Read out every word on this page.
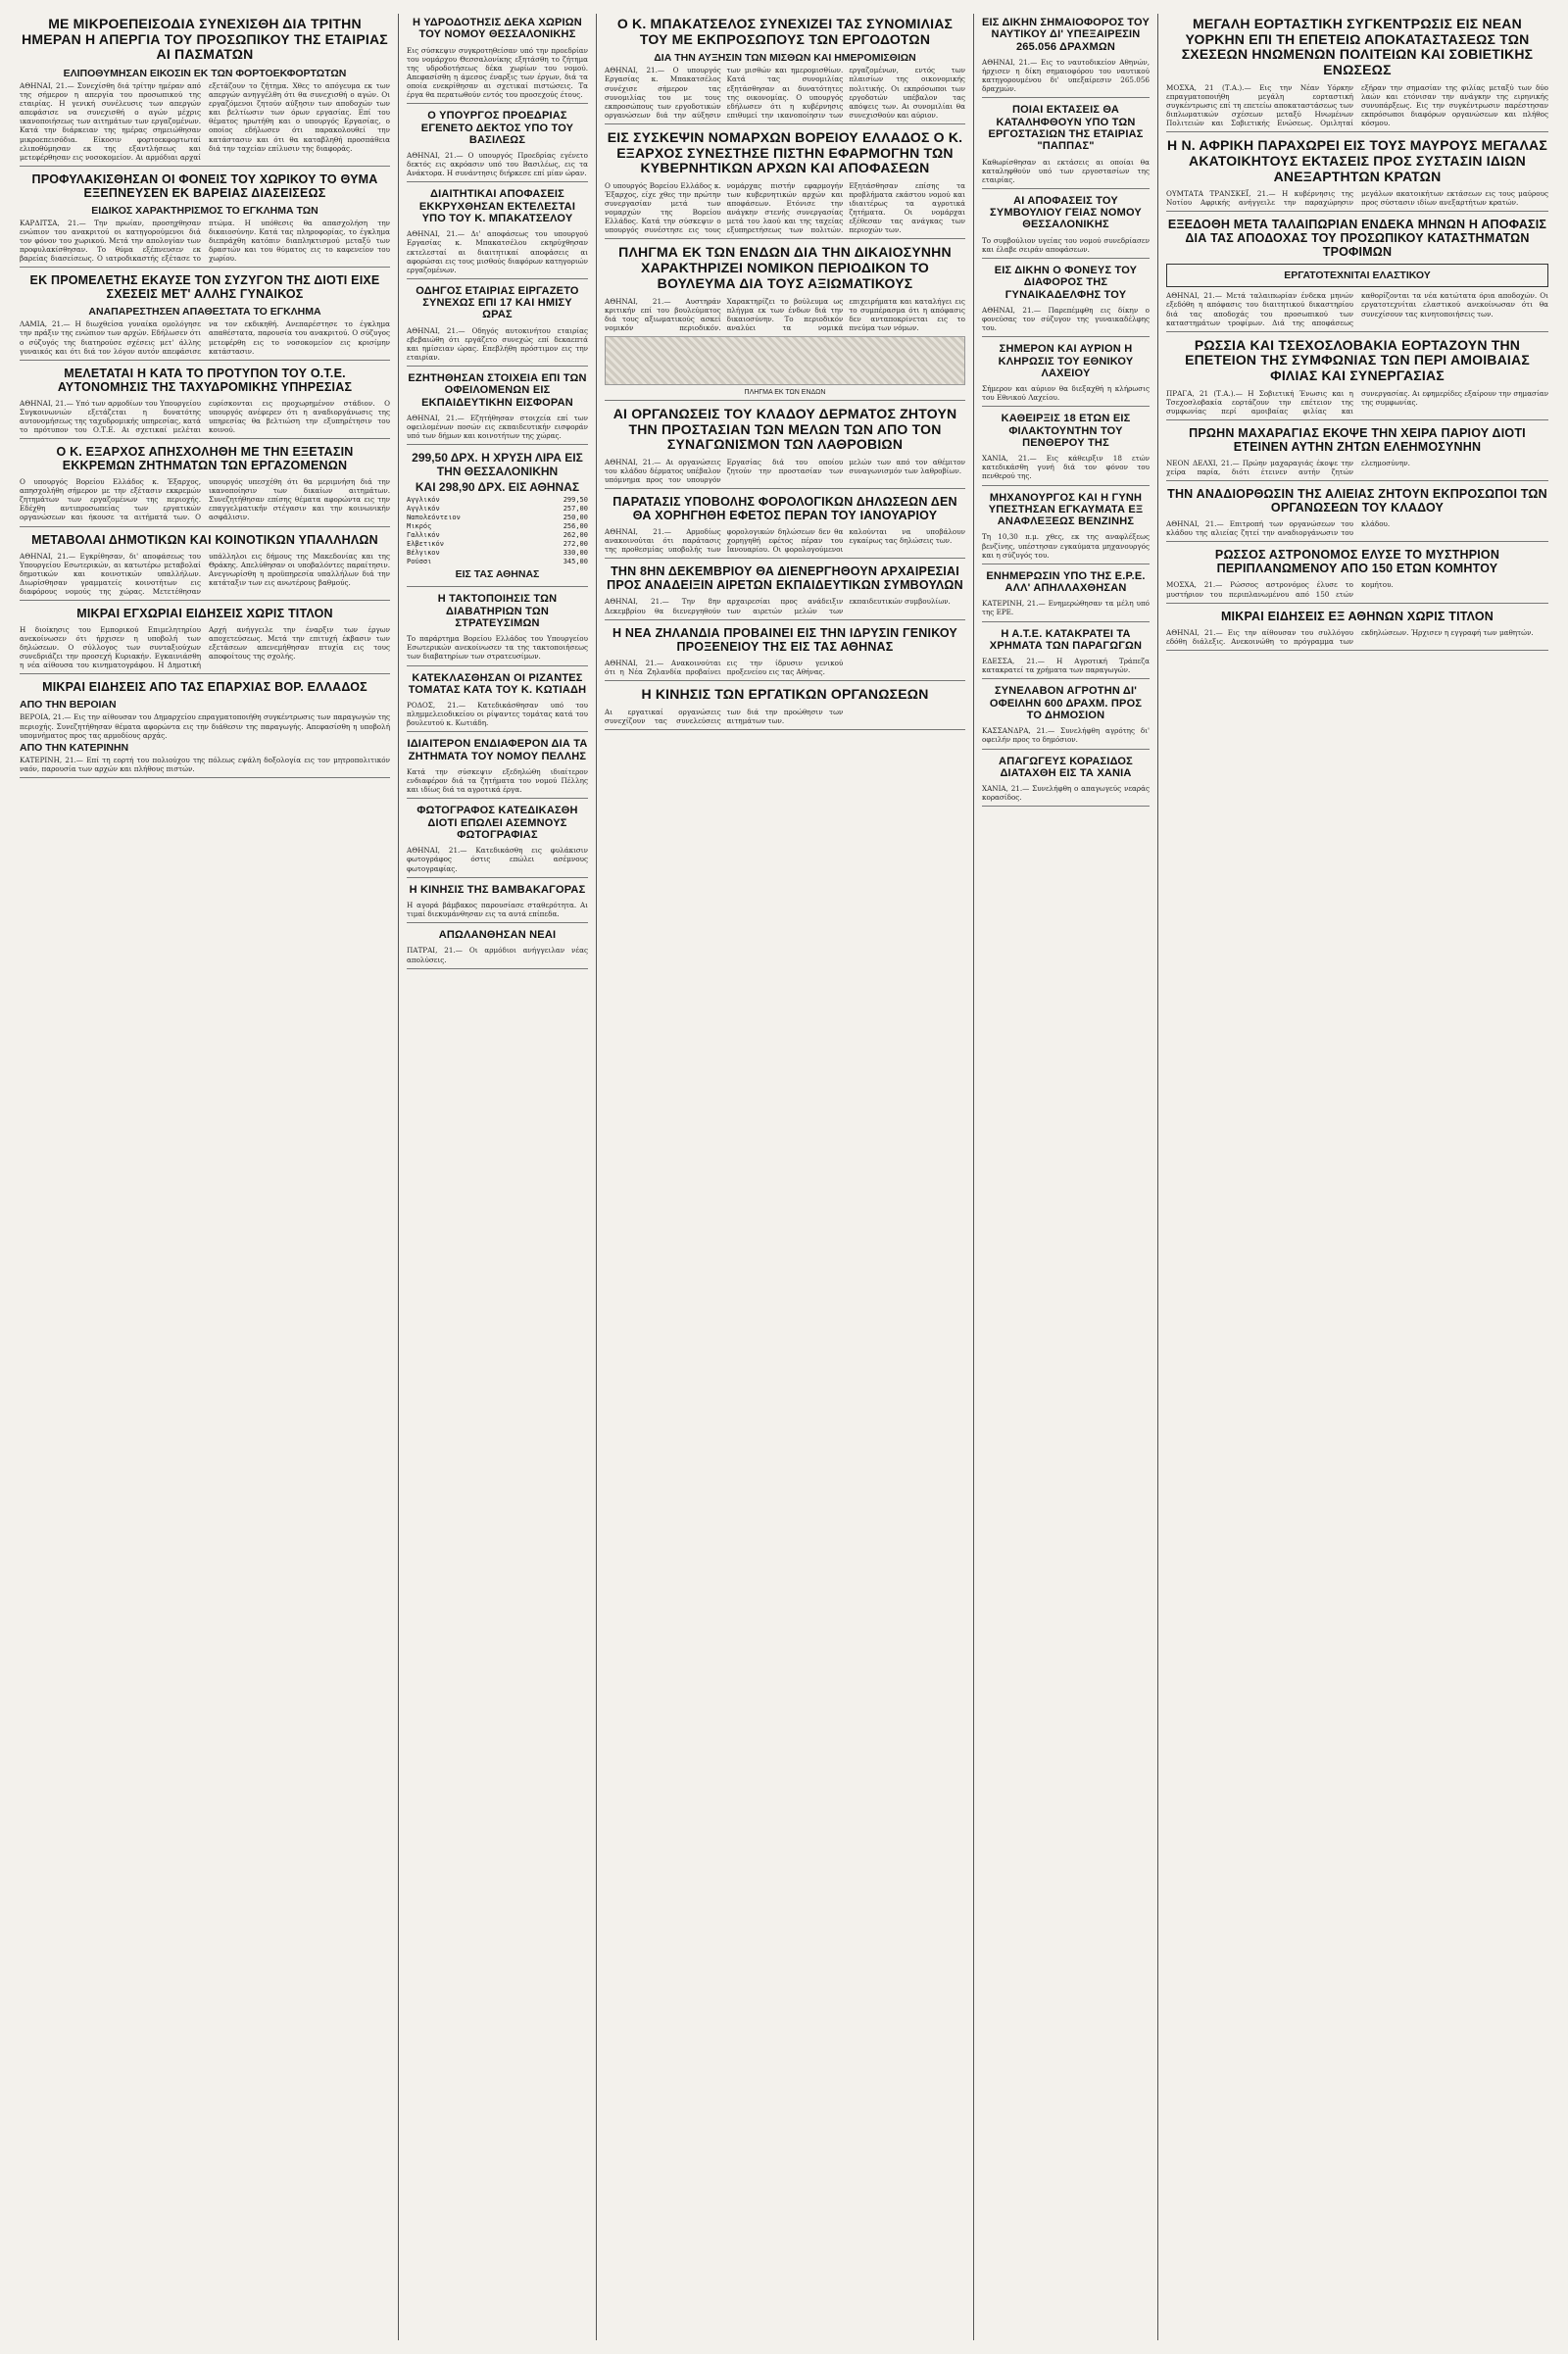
ΜΕ ΜΙΚΡΟΕΠΕΙΣΟΔΙΑ ΣΥΝΕΧΙΣΘΗ ΔΙΑ ΤΡΙΤΗΝ ΗΜΕΡΑΝ Η ΑΠΕΡΓΙΑ ΤΟΥ ΠΡΟΣΩΠΙΚΟΥ ΤΗΣ ΕΤΑΙΡΙΑΣ ΑΙ ΠΑΣΜΑΤΩΝ
ΕΛΙΠΟΘΥΜΗΣΑΝ ΕΙΚΟΣΙΝ ΕΚ ΤΩΝ ΦΟΡΤΟΕΚΦΟΡΤΩΤΩΝ
ΑΘΗΝΑΙ, 21.— Συνεχίσθη διά τρίτην ημέραν από της σήμερον η απεργία του προσωπικού της εταιρίας. Η γενική συνέλευσις των απεργών απεφάσισε να συνεχισθή ο αγών μέχρις ικανοποιήσεως των αιτημάτων των εργαζομένων. Κατά την διάρκειαν της ημέρας σημειώθησαν μικροεπεισόδια. Είκοσιν φορτοεκφορτωταί ελιποθύμησαν εκ της εξαντλήσεως και μετεφέρθησαν εις νοσοκομείον. Αι αρμόδιαι αρχαί εξετάζουν το ζήτημα. Χθες το απόγευμα εκ των απεργών ανηγγέλθη ότι θα συνεχισθή ο αγών. Οι εργαζόμενοι ζητούν αύξησιν των αποδοχών των και βελτίωσιν των όρων εργασίας. Επί του θέματος ηρωτήθη και ο υπουργός Εργασίας, ο οποίος εδήλωσεν ότι παρακολουθεί την κατάστασιν και ότι θα καταβληθή προσπάθεια διά την ταχείαν επίλυσιν της διαφοράς.
ΠΡΟΦΥΛΑΚΙΣΘΗΣΑΝ ΟΙ ΦΟΝΕΙΣ ΤΟΥ ΧΩΡΙΚΟΥ ΤΟ ΘΥΜΑ ΕΞΕΠΝΕΥΣΕΝ ΕΚ ΒΑΡΕΙΑΣ ΔΙΑΣΕΙΣΕΩΣ
ΕΙΔΙΚΟΣ ΧΑΡΑΚΤΗΡΙΣΜΟΣ ΤΟ ΕΓΚΛΗΜΑ ΤΩΝ
ΚΑΡΔΙΤΣΑ, 21.— Την πρωίαν, προσηχθησαν ενώπιον του ανακριτού οι κατηγορούμενοι διά τον φόνον του χωρικού. Μετά την απολογίαν των προφυλακίσθησαν. Το θύμα εξέπνευσεν εκ βαρείας διασείσεως. Ο ιατροδικαστής εξέτασε το πτώμα. Η υπόθεσις θα απασχολήση την δικαιοσύνην. Κατά τας πληροφορίας, το έγκλημα διεπράχθη κατόπιν διαπληκτισμού μεταξύ των δραστών και του θύματος εις το καφενείον του χωρίου.
ΕΚ ΠΡΟΜΕΛΕΤΗΣ ΕΚΑΥΣΕ ΤΟΝ ΣΥΖΥΓΟΝ ΤΗΣ ΔΙΟΤΙ ΕΙΧΕ ΣΧΕΣΕΙΣ ΜΕΤ' ΑΛΛΗΣ ΓΥΝΑΙΚΟΣ
ΑΝΑΠΑΡΕΣΤΗΣΕΝ ΑΠΑΘΕΣΤΑΤΑ ΤΟ ΕΓΚΛΗΜΑ
ΛΑΜΙΑ, 21.— Η διωχθείσα γυναίκα ομολόγησε την πράξιν της ενώπιον των αρχών. Εδήλωσεν ότι ο σύζυγός της διατηρούσε σχέσεις μετ' άλλης γυναικός και ότι διά τον λόγον αυτόν απεφάσισε να τον εκδικηθή. Ανεπαρέστησε το έγκλημα απαθέστατα, παρουσία του ανακριτού. Ο σύζυγος μετεφέρθη εις το νοσοκομείον εις κρισίμην κατάστασιν.
ΜΕΛΕΤΑΤΑΙ Η ΚΑΤΑ ΤΟ ΠΡΟΤΥΠΟΝ ΤΟΥ Ο.Τ.Ε. ΑΥΤΟΝΟΜΗΣΙΣ ΤΗΣ ΤΑΧΥΔΡΟΜΙΚΗΣ ΥΠΗΡΕΣΙΑΣ
ΑΘΗΝΑΙ, 21.— Υπό των αρμοδίων του Υπουργείου Συγκοινωνιών εξετάζεται η δυνατότης αυτονομήσεως της ταχυδρομικής υπηρεσίας, κατά το πρότυπον του Ο.Τ.Ε. Αι σχετικαί μελέται ευρίσκονται εις προχωρημένον στάδιον. Ο υπουργός ανέφερεν ότι η αναδιοργάνωσις της υπηρεσίας θα βελτιώση την εξυπηρέτησιν του κοινού.
Ο Κ. ΕΞΑΡΧΟΣ ΑΠΗΣΧΟΛΗΘΗ ΜΕ ΤΗΝ ΕΞΕΤΑΣΙΝ ΕΚΚΡΕΜΩΝ ΖΗΤΗΜΑΤΩΝ ΤΩΝ ΕΡΓΑΖΟΜΕΝΩΝ
Ο υπουργός Βορείου Ελλάδος κ. Έξαρχος, απησχολήθη σήμερον με την εξέτασιν εκκρεμών ζητημάτων των εργαζομένων της περιοχής. Εδέχθη αντιπροσωπείας των εργατικών οργανώσεων και ήκουσε τα αιτήματά των. Ο υπουργός υπεσχέθη ότι θα μεριμνήση διά την ικανοποίησιν των δικαίων αιτημάτων. Συνεζητήθησαν επίσης θέματα αφορώντα εις την επαγγελματικήν στέγασιν και την κοινωνικήν ασφάλισιν.
ΜΕΤΑΒΟΛΑΙ ΔΗΜΟΤΙΚΩΝ ΚΑΙ ΚΟΙΝΟΤΙΚΩΝ ΥΠΑΛΛΗΛΩΝ
ΑΘΗΝΑΙ, 21.— Εγκρίθησαν, δι' αποφάσεως του Υπουργείου Εσωτερικών, αι κατωτέρω μεταβολαί δημοτικών και κοινοτικών υπαλλήλων. Διωρίσθησαν γραμματείς κοινοτήτων εις διαφόρους νομούς της χώρας. Μετετέθησαν υπάλληλοι εις δήμους της Μακεδονίας και της Θράκης. Απελύθησαν οι υποβαλόντες παραίτησιν. Ανεγνωρίσθη η προϋπηρεσία υπαλλήλων διά την κατάταξιν των εις ανωτέρους βαθμούς.
ΜΙΚΡΑΙ ΕΓΧΩΡΙΑΙ ΕΙΔΗΣΕΙΣ ΧΩΡΙΣ ΤΙΤΛΟΝ
Η διοίκησις του Εμπορικού Επιμελητηρίου ανεκοίνωσεν ότι ήρχισεν η υποβολή των δηλώσεων. Ο σύλλογος των συνταξιούχων συνεδριάζει την προσεχή Κυριακήν. Εγκαινιάσθη η νέα αίθουσα του κινηματογράφου. Η Δημοτική Αρχή ανήγγειλε την έναρξιν των έργων αποχετεύσεως. Μετά την επιτυχή έκβασιν των εξετάσεων απενεμήθησαν πτυχία εις τους αποφοίτους της σχολής.
ΜΙΚΡΑΙ ΕΙΔΗΣΕΙΣ ΑΠΟ ΤΑΣ ΕΠΑΡΧΙΑΣ ΒΟΡ. ΕΛΛΑΔΟΣ
ΑΠΟ ΤΗΝ ΒΕΡΟΙΑΝ
ΒΕΡΟΙΑ, 21.— Εις την αίθουσαν του Δημαρχείου επραγματοποιήθη συγκέντρωσις των παραγωγών της περιοχής. Συνεζητήθησαν θέματα αφορώντα εις την διάθεσιν της παραγωγής. Απεφασίσθη η υποβολή υπομνήματος προς τας αρμοδίους αρχάς.
ΑΠΟ ΤΗΝ ΚΑΤΕΡΙΝΗΝ
ΚΑΤΕΡΙΝΗ, 21.— Επί τη εορτή του πολιούχου της πόλεως εψάλη δοξολογία εις τον μητροπολιτικόν ναόν, παρουσία των αρχών και πλήθους πιστών.
Η ΥΔΡΟΔΟΤΗΣΙΣ ΔΕΚΑ ΧΩΡΙΩΝ ΤΟΥ ΝΟΜΟΥ ΘΕΣΣΑΛΟΝΙΚΗΣ
Εις σύσκεψιν συγκροτηθείσαν υπό την προεδρίαν του νομάρχου Θεσσαλονίκης εξητάσθη το ζήτημα της υδροδοτήσεως δέκα χωρίων του νομού. Απεφασίσθη η άμεσος έναρξις των έργων, διά τα οποία ενεκρίθησαν αι σχετικαί πιστώσεις. Τα έργα θα περατωθούν εντός του προσεχούς έτους.
Ο ΥΠΟΥΡΓΟΣ ΠΡΟΕΔΡΙΑΣ ΕΓΕΝΕΤΟ ΔΕΚΤΟΣ ΥΠΟ ΤΟΥ ΒΑΣΙΛΕΩΣ
ΑΘΗΝΑΙ, 21.— Ο υπουργός Προεδρίας εγένετο δεκτός εις ακρόασιν υπό του Βασιλέως, εις τα Ανάκτορα. Η συνάντησις διήρκεσε επί μίαν ώραν.
ΔΙΑΙΤΗΤΙΚΑΙ ΑΠΟΦΑΣΕΙΣ ΕΚΚΡΥΧΘΗΣΑΝ ΕΚΤΕΛΕΣΤΑΙ ΥΠΟ ΤΟΥ Κ. ΜΠΑΚΑΤΣΕΛΟΥ
ΑΘΗΝΑΙ, 21.— Δι' αποφάσεως του υπουργού Εργασίας κ. Μπακατσέλου εκηρύχθησαν εκτελεσταί αι διαιτητικαί αποφάσεις αι αφορώσαι εις τους μισθούς διαφόρων κατηγοριών εργαζομένων.
ΟΔΗΓΟΣ ΕΤΑΙΡΙΑΣ ΕΙΡΓΑΖΕΤΟ ΣΥΝΕΧΩΣ ΕΠΙ 17 ΚΑΙ ΗΜΙΣΥ ΩΡΑΣ
ΑΘΗΝΑΙ, 21.— Οδηγός αυτοκινήτου εταιρίας εβεβαιώθη ότι εργάζετο συνεχώς επί δεκαεπτά και ημίσειαν ώρας. Επεβλήθη πρόστιμον εις την εταιρίαν.
ΕΖΗΤΗΘΗΣΑΝ ΣΤΟΙΧΕΙΑ ΕΠΙ ΤΩΝ ΟΦΕΙΛΟΜΕΝΩΝ ΕΙΣ ΕΚΠΑΙΔΕΥΤΙΚΗΝ ΕΙΣΦΟΡΑΝ
ΑΘΗΝΑΙ, 21.— Εζητήθησαν στοιχεία επί των οφειλομένων ποσών εις εκπαιδευτικήν εισφοράν υπό των δήμων και κοινοτήτων της χώρας.
299,50 ΔΡΧ. Η ΧΡΥΣΗ ΛΙΡΑ ΕΙΣ ΤΗΝ ΘΕΣΣΑΛΟΝΙΚΗΝ
ΚΑΙ 298,90 ΔΡΧ. ΕΙΣ ΑΘΗΝΑΣ
Αγγλικόν	299,50
Αγγλικόν	257,00
Ναπολεόντειον	250,00
Μικρός	256,00
Γαλλικόν	262,00
Ελβετικόν	272,00
Βέλγικον	330,00
Ρούσσι	345,00
ΕΙΣ ΤΑΣ ΑΘΗΝΑΣ
Η ΤΑΚΤΟΠΟΙΗΣΙΣ ΤΩΝ ΔΙΑΒΑΤΗΡΙΩΝ ΤΩΝ ΣΤΡΑΤΕΥΣΙΜΩΝ
Το παράρτημα Βορείου Ελλάδος του Υπουργείου Εσωτερικών ανεκοίνωσεν τα της τακτοποιήσεως των διαβατηρίων των στρατευσίμων.
ΚΑΤΕΚΛΑΣΘΗΣΑΝ ΟΙ ΡΙΖΑΝΤΕΣ ΤΟΜΑΤΑΣ ΚΑΤΑ ΤΟΥ Κ. ΚΩΤΙΑΔΗ
ΡΟΔΟΣ, 21.— Κατεδικάσθησαν υπό του πλημμελειοδικείου οι ρίψαντες τομάτας κατά του βουλευτού κ. Κωτιάδη.
ΙΔΙΑΙΤΕΡΟΝ ΕΝΔΙΑΦΕΡΟΝ ΔΙΑ ΤΑ ΖΗΤΗΜΑΤΑ ΤΟΥ ΝΟΜΟΥ ΠΕΛΛΗΣ
Κατά την σύσκεψιν εξεδηλώθη ιδιαίτερον ενδιαφέρον διά τα ζητήματα του νομού Πέλλης και ιδίως διά τα αγροτικά έργα.
ΦΩΤΟΓΡΑΦΟΣ ΚΑΤΕΔΙΚΑΣΘΗ ΔΙΟΤΙ ΕΠΩΛΕΙ ΑΣΕΜΝΟΥΣ ΦΩΤΟΓΡΑΦΙΑΣ
ΑΘΗΝΑΙ, 21.— Κατεδικάσθη εις φυλάκισιν φωτογράφος όστις επώλει ασέμνους φωτογραφίας.
Η ΚΙΝΗΣΙΣ ΤΗΣ ΒΑΜΒΑΚΑΓΟΡΑΣ
Η αγορά βάμβακος παρουσίασε σταθερότητα. Αι τιμαί διεκυμάνθησαν εις τα αυτά επίπεδα.
ΑΠΩΛΑΝΘΗΣΑΝ ΝΕΑΙ
ΠΑΤΡΑΙ, 21.— Οι αρμόδιοι ανήγγειλαν νέας απολύσεις.
Ο Κ. ΜΠΑΚΑΤΣΕΛΟΣ ΣΥΝΕΧΙΖΕΙ ΤΑΣ ΣΥΝΟΜΙΛΙΑΣ ΤΟΥ ΜΕ ΕΚΠΡΟΣΩΠΟΥΣ ΤΩΝ ΕΡΓΟΔΟΤΩΝ
ΔΙΑ ΤΗΝ ΑΥΞΗΣΙΝ ΤΩΝ ΜΙΣΘΩΝ ΚΑΙ ΗΜΕΡΟΜΙΣΘΙΩΝ
ΑΘΗΝΑΙ, 21.— Ο υπουργός Εργασίας κ. Μπακατσέλος συνέχισε σήμερον τας συνομιλίας του με τους εκπροσώπους των εργοδοτικών οργανώσεων διά την αύξησιν των μισθών και ημερομισθίων. Κατά τας συνομιλίας εξητάσθησαν αι δυνατότητες της οικονομίας. Ο υπουργός εδήλωσεν ότι η κυβέρνησις επιθυμεί την ικανοποίησιν των εργαζομένων, εντός των πλαισίων της οικονομικής πολιτικής. Οι εκπρόσωποι των εργοδοτών υπέβαλον τας απόψεις των. Αι συνομιλίαι θα συνεχισθούν και αύριον.
ΕΙΣ ΣΥΣΚΕΨΙΝ ΝΟΜΑΡΧΩΝ ΒΟΡΕΙΟΥ ΕΛΛΑΔΟΣ Ο Κ. ΕΞΑΡΧΟΣ ΣΥΝΕΣΤΗΣΕ ΠΙΣΤΗΝ ΕΦΑΡΜΟΓΗΝ ΤΩΝ ΚΥΒΕΡΝΗΤΙΚΩΝ ΑΡΧΩΝ ΚΑΙ ΑΠΟΦΑΣΕΩΝ
Ο υπουργός Βορείου Ελλάδος κ. Έξαρχος, είχε χθες την πρώτην συνεργασίαν μετά των νομαρχών της Βορείου Ελλάδος. Κατά την σύσκεψιν ο υπουργός συνέστησε εις τους νομάρχας πιστήν εφαρμογήν των κυβερνητικών αρχών και αποφάσεων. Ετόνισε την ανάγκην στενής συνεργασίας μετά του λαού και της ταχείας εξυπηρετήσεως των πολιτών. Εξητάσθησαν επίσης τα προβλήματα εκάστου νομού και ιδιαιτέρως τα αγροτικά ζητήματα. Οι νομάρχαι εξέθεσαν τας ανάγκας των περιοχών των.
ΠΛΗΓΜΑ ΕΚ ΤΩΝ ΕΝΔΩΝ ΔΙΑ ΤΗΝ ΔΙΚΑΙΟΣΥΝΗΝ ΧΑΡΑΚΤΗΡΙΖΕΙ ΝΟΜΙΚΟΝ ΠΕΡΙΟΔΙΚΟΝ ΤΟ ΒΟΥΛΕΥΜΑ ΔΙΑ ΤΟΥΣ ΑΞΙΩΜΑΤΙΚΟΥΣ
ΑΘΗΝΑΙ, 21.— Αυστηράν κριτικήν επί του βουλεύματος διά τους αξιωματικούς ασκεί νομικόν περιοδικόν. Χαρακτηρίζει το βούλευμα ως πλήγμα εκ των ένδων διά την δικαιοσύνην. Το περιοδικόν αναλύει τα νομικά επιχειρήματα και καταλήγει εις το συμπέρασμα ότι η απόφασις δεν ανταποκρίνεται εις το πνεύμα των νόμων.
ΠΛΗΓΜΑ ΕΚ ΤΩΝ ΕΝΔΩΝ
ΑΙ ΟΡΓΑΝΩΣΕΙΣ ΤΟΥ ΚΛΑΔΟΥ ΔΕΡΜΑΤΟΣ ΖΗΤΟΥΝ ΤΗΝ ΠΡΟΣΤΑΣΙΑΝ ΤΩΝ ΜΕΛΩΝ ΤΩΝ ΑΠΟ ΤΟΝ ΣΥΝΑΓΩΝΙΣΜΟΝ ΤΩΝ ΛΑΘΡΟΒΙΩΝ
ΑΘΗΝΑΙ, 21.— Αι οργανώσεις του κλάδου δέρματος υπέβαλον υπόμνημα προς τον υπουργόν Εργασίας διά του οποίου ζητούν την προστασίαν των μελών των από τον αθέμιτον συναγωνισμόν των λαθροβίων.
ΠΑΡΑΤΑΣΙΣ ΥΠΟΒΟΛΗΣ ΦΟΡΟΛΟΓΙΚΩΝ ΔΗΛΩΣΕΩΝ ΔΕΝ ΘΑ ΧΟΡΗΓΗΘΗ ΕΦΕΤΟΣ ΠΕΡΑΝ ΤΟΥ ΙΑΝΟΥΑΡΙΟΥ
ΑΘΗΝΑΙ, 21.— Αρμοδίως ανακοινούται ότι παράτασις της προθεσμίας υποβολής των φορολογικών δηλώσεων δεν θα χορηγηθή εφέτος πέραν του Ιανουαρίου. Οι φορολογούμενοι καλούνται να υποβάλουν εγκαίρως τας δηλώσεις των.
ΤΗΝ 8ΗΝ ΔΕΚΕΜΒΡΙΟΥ ΘΑ ΔΙΕΝΕΡΓΗΘΟΥΝ ΑΡΧΑΙΡΕΣΙΑΙ ΠΡΟΣ ΑΝΑΔΕΙΞΙΝ ΑΙΡΕΤΩΝ ΕΚΠΑΙΔΕΥΤΙΚΩΝ ΣΥΜΒΟΥΛΩΝ
ΑΘΗΝΑΙ, 21.— Την 8ην Δεκεμβρίου θα διενεργηθούν αρχαιρεσίαι προς ανάδειξιν των αιρετών μελών των εκπαιδευτικών συμβουλίων.
Η ΝΕΑ ΖΗΛΑΝΔΙΑ ΠΡΟΒΑΙΝΕΙ ΕΙΣ ΤΗΝ ΙΔΡΥΣΙΝ ΓΕΝΙΚΟΥ ΠΡΟΞΕΝΕΙΟΥ ΤΗΣ ΕΙΣ ΤΑΣ ΑΘΗΝΑΣ
ΑΘΗΝΑΙ, 21.— Ανακοινούται ότι η Νέα Ζηλανδία προβαίνει εις την ίδρυσιν γενικού προξενείου εις τας Αθήνας.
Η ΚΙΝΗΣΙΣ ΤΩΝ ΕΡΓΑΤΙΚΩΝ ΟΡΓΑΝΩΣΕΩΝ
Αι εργατικαί οργανώσεις συνεχίζουν τας συνελεύσεις των διά την προώθησιν των αιτημάτων των.
ΕΙΣ ΔΙΚΗΝ ΣΗΜΑΙΟΦΟΡΟΣ ΤΟΥ ΝΑΥΤΙΚΟΥ ΔΙ' ΥΠΕΞΑΙΡΕΣΙΝ 265.056 ΔΡΑΧΜΩΝ
ΑΘΗΝΑΙ, 21.— Εις το ναυτοδικείον Αθηνών, ήρχισεν η δίκη σημαιοφόρου του ναυτικού κατηγορουμένου δι' υπεξαίρεσιν 265.056 δραχμών.
ΠΟΙΑΙ ΕΚΤΑΣΕΙΣ ΘΑ ΚΑΤΑΛΗΦΘΟΥΝ ΥΠΟ ΤΩΝ ΕΡΓΟΣΤΑΣΙΩΝ ΤΗΣ ΕΤΑΙΡΙΑΣ "ΠΑΠΠΑΣ"
Καθωρίσθησαν αι εκτάσεις αι οποίαι θα καταληφθούν υπό των εργοστασίων της εταιρίας.
ΑΙ ΑΠΟΦΑΣΕΙΣ ΤΟΥ ΣΥΜΒΟΥΛΙΟΥ ΓΕΙΑΣ ΝΟΜΟΥ ΘΕΣΣΑΛΟΝΙΚΗΣ
Το συμβούλιον υγείας του νομού συνεδρίασεν και έλαβε σειράν αποφάσεων.
ΕΙΣ ΔΙΚΗΝ Ο ΦΟΝΕΥΣ ΤΟΥ ΔΙΑΦΟΡΟΣ ΤΗΣ ΓΥΝΑΙΚΑΔΕΛΦΗΣ ΤΟΥ
ΑΘΗΝΑΙ, 21.— Παρεπέμφθη εις δίκην ο φονεύσας τον σύζυγον της γυναικαδέλφης του.
ΣΗΜΕΡΟΝ ΚΑΙ ΑΥΡΙΟΝ Η ΚΛΗΡΩΣΙΣ ΤΟΥ ΕΘΝΙΚΟΥ ΛΑΧΕΙΟΥ
Σήμερον και αύριον θα διεξαχθή η κλήρωσις του Εθνικού Λαχείου.
ΚΑΘΕΙΡΞΙΣ 18 ΕΤΩΝ ΕΙΣ ΦΙΛΑΚΤΟΥΝΤΗΝ ΤΟΥ ΠΕΝΘΕΡΟΥ ΤΗΣ
ΧΑΝΙΑ, 21.— Εις κάθειρξιν 18 ετών κατεδικάσθη γυνή διά τον φόνον του πενθερού της.
ΜΗΧΑΝΟΥΡΓΟΣ ΚΑΙ Η ΓΥΝΗ ΥΠΕΣΤΗΣΑΝ ΕΓΚΑΥΜΑΤΑ ΕΞ ΑΝΑΦΛΕΞΕΩΣ ΒΕΝΖΙΝΗΣ
Τη 10,30 π.μ. χθες, εκ της αναφλέξεως βενζίνης, υπέστησαν εγκαύματα μηχανουργός και η σύζυγός του.
ΕΝΗΜΕΡΩΣΙΝ ΥΠΟ ΤΗΣ Ε.Ρ.Ε. ΑΛΛ' ΑΠΗΛΛΑΧΘΗΣΑΝ
ΚΑΤΕΡΙΝΗ, 21.— Ενημερώθησαν τα μέλη υπό της ΕΡΕ.
Η Α.Τ.Ε. ΚΑΤΑΚΡΑΤΕΙ ΤΑ ΧΡΗΜΑΤΑ ΤΩΝ ΠΑΡΑΓΩΓΩΝ
ΕΔΕΣΣΑ, 21.— Η Αγροτική Τράπεζα κατακρατεί τα χρήματα των παραγωγών.
ΣΥΝΕΛΑΒΟΝ ΑΓΡΟΤΗΝ ΔΙ' ΟΦΕΙΛΗΝ 600 ΔΡΑΧΜ. ΠΡΟΣ ΤΟ ΔΗΜΟΣΙΟΝ
ΚΑΣΣΑΝΔΡΑ, 21.— Συνελήφθη αγρότης δι' οφειλήν προς το δημόσιον.
ΑΠΑΓΩΓΕΥΣ ΚΟΡΑΣΙΔΟΣ ΔΙΑΤΑΧΘΗ ΕΙΣ ΤΑ ΧΑΝΙΑ
ΧΑΝΙΑ, 21.— Συνελήφθη ο απαγωγεύς νεαράς κορασίδος.
ΜΕΓΑΛΗ ΕΟΡΤΑΣΤΙΚΗ ΣΥΓΚΕΝΤΡΩΣΙΣ ΕΙΣ ΝΕΑΝ ΥΟΡΚΗΝ ΕΠΙ ΤΗ ΕΠΕΤΕΙΩ ΑΠΟΚΑΤΑΣΤΑΣΕΩΣ ΤΩΝ ΣΧΕΣΕΩΝ ΗΝΩΜΕΝΩΝ ΠΟΛΙΤΕΙΩΝ ΚΑΙ ΣΟΒΙΕΤΙΚΗΣ ΕΝΩΣΕΩΣ
ΜΟΣΧΑ, 21 (Τ.Α.).— Εις την Νέαν Υόρκην επραγματοποιήθη μεγάλη εορταστική συγκέντρωσις επί τη επετείω αποκαταστάσεως των διπλωματικών σχέσεων μεταξύ Ηνωμένων Πολιτειών και Σοβιετικής Ενώσεως. Ομιληταί εξήραν την σημασίαν της φιλίας μεταξύ των δύο λαών και ετόνισαν την ανάγκην της ειρηνικής συνυπάρξεως. Εις την συγκέντρωσιν παρέστησαν εκπρόσωποι διαφόρων οργανώσεων και πλήθος κόσμου.
Η Ν. ΑΦΡΙΚΗ ΠΑΡΑΧΩΡΕΙ ΕΙΣ ΤΟΥΣ ΜΑΥΡΟΥΣ ΜΕΓΑΛΑΣ ΑΚΑΤΟΙΚΗΤΟΥΣ ΕΚΤΑΣΕΙΣ ΠΡΟΣ ΣΥΣΤΑΣΙΝ ΙΔΙΩΝ ΑΝΕΞΑΡΤΗΤΩΝ ΚΡΑΤΩΝ
ΟΥΜΤΑΤΑ ΤΡΑΝΣΚΕΪ, 21.— Η κυβέρνησις της Νοτίου Αφρικής ανήγγειλε την παραχώρησιν μεγάλων ακατοικήτων εκτάσεων εις τους μαύρους προς σύστασιν ιδίων ανεξαρτήτων κρατών.
ΕΞΕΔΟΘΗ ΜΕΤΑ ΤΑΛΑΙΠΩΡΙΑΝ ΕΝΔΕΚΑ ΜΗΝΩΝ Η ΑΠΟΦΑΣΙΣ ΔΙΑ ΤΑΣ ΑΠΟΔΟΧΑΣ ΤΟΥ ΠΡΟΣΩΠΙΚΟΥ ΚΑΤΑΣΤΗΜΑΤΩΝ ΤΡΟΦΙΜΩΝ
ΕΡΓΑΤΟΤΕΧΝΙΤΑΙ ΕΛΑΣΤΙΚΟΥ
ΑΘΗΝΑΙ, 21.— Μετά ταλαιπωρίαν ένδεκα μηνών εξεδόθη η απόφασις του διαιτητικού δικαστηρίου διά τας αποδοχάς του προσωπικού των καταστημάτων τροφίμων. Διά της αποφάσεως καθορίζονται τα νέα κατώτατα όρια αποδοχών. Οι εργατοτεχνίται ελαστικού ανεκοίνωσαν ότι θα συνεχίσουν τας κινητοποιήσεις των.
ΡΩΣΣΙΑ ΚΑΙ ΤΣΕΧΟΣΛΟΒΑΚΙΑ ΕΟΡΤΑΖΟΥΝ ΤΗΝ ΕΠΕΤΕΙΟΝ ΤΗΣ ΣΥΜΦΩΝΙΑΣ ΤΩΝ ΠΕΡΙ ΑΜΟΙΒΑΙΑΣ ΦΙΛΙΑΣ ΚΑΙ ΣΥΝΕΡΓΑΣΙΑΣ
ΠΡΑΓΑ, 21 (Τ.Α.).— Η Σοβιετική Ένωσις και η Τσεχοσλοβακία εορτάζουν την επέτειον της συμφωνίας περί αμοιβαίας φιλίας και συνεργασίας. Αι εφημερίδες εξαίρουν την σημασίαν της συμφωνίας.
ΠΡΩΗΝ ΜΑΧΑΡΑΓΙΑΣ ΕΚΟΨΕ ΤΗΝ ΧΕΙΡΑ ΠΑΡΙΟΥ ΔΙΟΤΙ ΕΤΕΙΝΕΝ ΑΥΤΗΝ ΖΗΤΩΝ ΕΛΕΗΜΟΣΥΝΗΝ
ΝΕΟΝ ΔΕΛΧΙ, 21.— Πρώην μαχαραγιάς έκοψε την χείρα παρία, διότι έτεινεν αυτήν ζητών ελεημοσύνην.
ΤΗΝ ΑΝΑΔΙΟΡΘΩΣΙΝ ΤΗΣ ΑΛΙΕΙΑΣ ΖΗΤΟΥΝ ΕΚΠΡΟΣΩΠΟΙ ΤΩΝ ΟΡΓΑΝΩΣΕΩΝ ΤΟΥ ΚΛΑΔΟΥ
ΑΘΗΝΑΙ, 21.— Επιτροπή των οργανώσεων του κλάδου της αλιείας ζητεί την αναδιοργάνωσιν του κλάδου.
ΡΩΣΣΟΣ ΑΣΤΡΟΝΟΜΟΣ ΕΛΥΣΕ ΤΟ ΜΥΣΤΗΡΙΟΝ ΠΕΡΙΠΛΑΝΩΜΕΝΟΥ ΑΠΟ 150 ΕΤΩΝ ΚΟΜΗΤΟΥ
ΜΟΣΧΑ, 21.— Ρώσσος αστρονόμος έλυσε το μυστήριον του περιπλανωμένου από 150 ετών κομήτου.
ΜΙΚΡΑΙ ΕΙΔΗΣΕΙΣ ΕΞ ΑΘΗΝΩΝ ΧΩΡΙΣ ΤΙΤΛΟΝ
ΑΘΗΝΑΙ, 21.— Εις την αίθουσαν του συλλόγου εδόθη διάλεξις. Ανεκοινώθη το πρόγραμμα των εκδηλώσεων. Ήρχισεν η εγγραφή των μαθητών.
